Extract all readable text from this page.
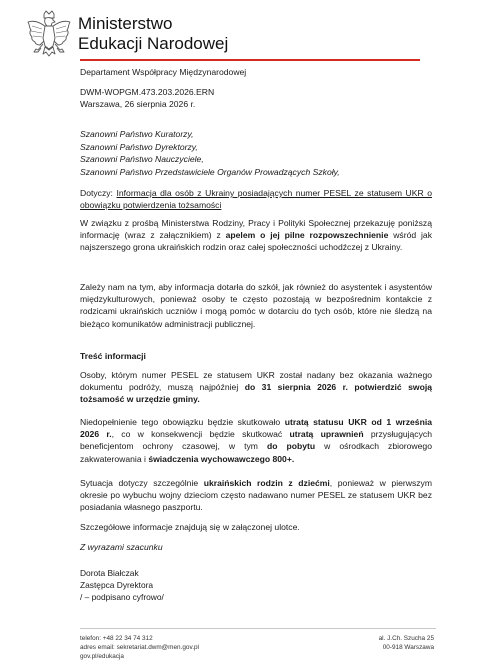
Ministerstwo
Edukacji Narodowej
Departament Współpracy Międzynarodowej
DWM-WOPGM.473.203.2026.ERN
Warszawa, 26 sierpnia 2026 r.
Szanowni Państwo Kuratorzy,
Szanowni Państwo Dyrektorzy,
Szanowni Państwo Nauczyciele,
Szanowni Państwo Przedstawiciele Organów Prowadzących Szkoły,
Dotyczy: Informacja dla osób z Ukrainy posiadających numer PESEL ze statusem UKR o obowiązku potwierdzenia tożsamości
W związku z prośbą Ministerstwa Rodziny, Pracy i Polityki Społecznej przekazuję poniższą informację (wraz z załącznikiem) z apelem o jej pilne rozpowszechnienie wśród jak najszerszego grona ukraińskich rodzin oraz całej społeczności uchodźczej z Ukrainy.
Zależy nam na tym, aby informacja dotarła do szkół, jak również do asystentek i asystentów międzykulturowych, ponieważ osoby te często pozostają w bezpośrednim kontakcie z rodzicami ukraińskich uczniów i mogą pomóc w dotarciu do tych osób, które nie śledzą na bieżąco komunikatów administracji publicznej.
Treść informacji
Osoby, którym numer PESEL ze statusem UKR został nadany bez okazania ważnego dokumentu podróży, muszą najpóźniej do 31 sierpnia 2026 r. potwierdzić swoją tożsamość w urzędzie gminy.
Niedopełnienie tego obowiązku będzie skutkowało utratą statusu UKR od 1 września 2026 r., co w konsekwencji będzie skutkować utratą uprawnień przysługujących beneficjentom ochrony czasowej, w tym do pobytu w ośrodkach zbiorowego zakwaterowania i świadczenia wychowawczego 800+.
Sytuacja dotyczy szczególnie ukraińskich rodzin z dziećmi, ponieważ w pierwszym okresie po wybuchu wojny dzieciom często nadawano numer PESEL ze statusem UKR bez posiadania własnego paszportu.
Szczegółowe informacje znajdują się w załączonej ulotce.
Z wyrazami szacunku
Dorota Białczak
Zastępca Dyrektora
/ – podpisano cyfrowo/
telefon: +48 22 34 74 312
adres email: sekretariat.dwm@men.gov.pl
gov.pl/edukacja
al. J.Ch. Szucha 25
00-918 Warszawa
